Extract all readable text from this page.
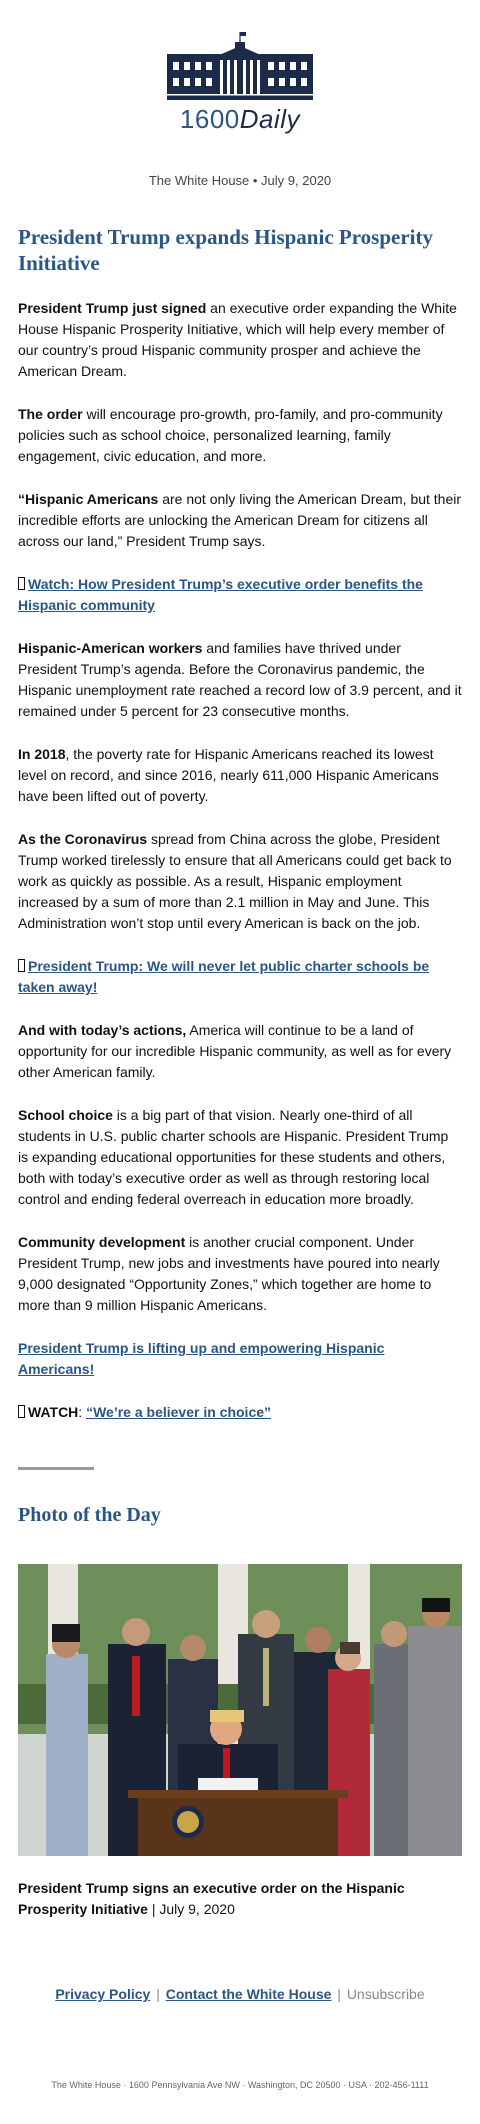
1600Daily
The White House • July 9, 2020
President Trump expands Hispanic Prosperity Initiative

President Trump just signed an executive order expanding the White House Hispanic Prosperity Initiative, which will help every member of our country’s proud Hispanic community prosper and achieve the American Dream.

The order will encourage pro-growth, pro-family, and pro-community policies such as school choice, personalized learning, family engagement, civic education, and more.

“Hispanic Americans are not only living the American Dream, but their incredible efforts are unlocking the American Dream for citizens all across our land,” President Trump says.

Watch: How President Trump’s executive order benefits the Hispanic community

Hispanic-American workers and families have thrived under President Trump’s agenda. Before the Coronavirus pandemic, the Hispanic unemployment rate reached a record low of 3.9 percent, and it remained under 5 percent for 23 consecutive months.

In 2018, the poverty rate for Hispanic Americans reached its lowest level on record, and since 2016, nearly 611,000 Hispanic Americans have been lifted out of poverty.

As the Coronavirus spread from China across the globe, President Trump worked tirelessly to ensure that all Americans could get back to work as quickly as possible. As a result, Hispanic employment increased by a sum of more than 2.1 million in May and June. This Administration won’t stop until every American is back on the job.

President Trump: We will never let public charter schools be taken away!

And with today’s actions, America will continue to be a land of opportunity for our incredible Hispanic community, as well as for every other American family.

School choice is a big part of that vision. Nearly one-third of all students in U.S. public charter schools are Hispanic. President Trump is expanding educational opportunities for these students and others, both with today’s executive order as well as through restoring local control and ending federal overreach in education more broadly.

Community development is another crucial component. Under President Trump, new jobs and investments have poured into nearly 9,000 designated “Opportunity Zones,” which together are home to more than 9 million Hispanic Americans.

President Trump is lifting up and empowering Hispanic Americans!

WATCH: “We’re a believer in choice”

Photo of the Day

President Trump signs an executive order on the Hispanic Prosperity Initiative | July 9, 2020

Privacy Policy | Contact the White House | Unsubscribe
The White House · 1600 Pennsylvania Ave NW · Washington, DC 20500 · USA · 202-456-1111
